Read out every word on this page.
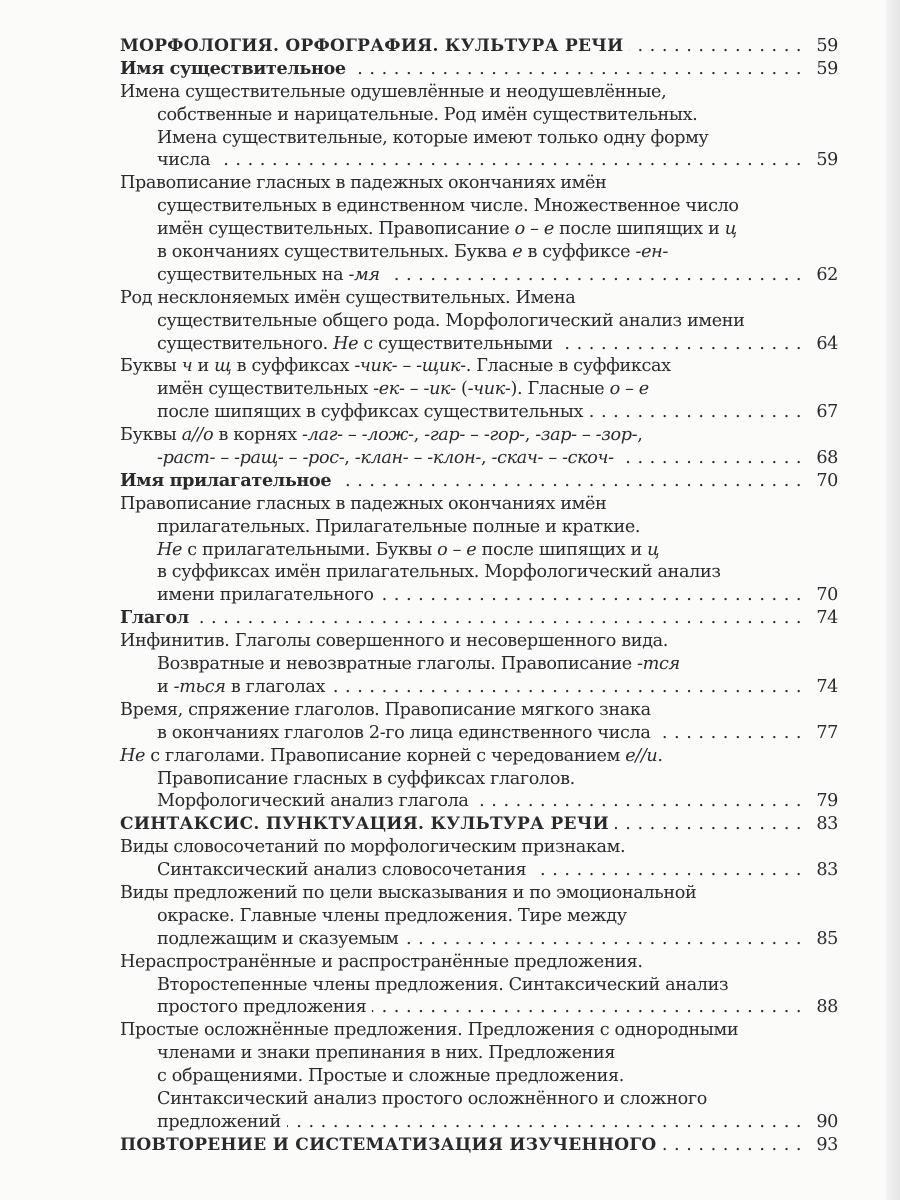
МОРФОЛОГИЯ. ОРФОГРАФИЯ. КУЛЬТУРА РЕЧИ . . .	59
Имя существительное . . .	59
Имена существительные одушевлённые и неодушевлённые,
собственные и нарицательные. Род имён существительных.
Имена существительные, которые имеют только одну форму
числа . . .	59
Правописание гласных в падежных окончаниях имён
существительных в единственном числе. Множественное число
имён существительных. Правописание о – е после шипящих и ц
в окончаниях существительных. Буква е в суффиксе -ен-
существительных на -мя . . .	62
Род несклоняемых имён существительных. Имена
существительные общего рода. Морфологический анализ имени
существительного. Не с существительными . . .	64
Буквы ч и щ в суффиксах -чик- – -щик-. Гласные в суффиксах
имён существительных -ек- – -ик- (-чик-). Гласные о – е
после шипящих в суффиксах существительных . . .	67
Буквы а//о в корнях -лаг- – -лож-, -гар- – -гор-, -зар- – -зор-,
-раст- – -ращ- – -рос-, -клан- – -клон-, -скач- – -скоч- . . .	68
Имя прилагательное . . .	70
Правописание гласных в падежных окончаниях имён
прилагательных. Прилагательные полные и краткие.
Не с прилагательными. Буквы о – е после шипящих и ц
в суффиксах имён прилагательных. Морфологический анализ
имени прилагательного . . .	70
Глагол . . .	74
Инфинитив. Глаголы совершенного и несовершенного вида.
Возвратные и невозвратные глаголы. Правописание -тся
и -ться в глаголах . . .	74
Время, спряжение глаголов. Правописание мягкого знака
в окончаниях глаголов 2-го лица единственного числа . . .	77
Не с глаголами. Правописание корней с чередованием е//и.
Правописание гласных в суффиксах глаголов.
Морфологический анализ глагола . . .	79
СИНТАКСИС. ПУНКТУАЦИЯ. КУЛЬТУРА РЕЧИ . . .	83
Виды словосочетаний по морфологическим признакам.
Синтаксический анализ словосочетания . . .	83
Виды предложений по цели высказывания и по эмоциональной
окраске. Главные члены предложения. Тире между
подлежащим и сказуемым . . .	85
Нераспространённые и распространённые предложения.
Второстепенные члены предложения. Синтаксический анализ
простого предложения . . .	88
Простые осложнённые предложения. Предложения с однородными
членами и знаки препинания в них. Предложения
с обращениями. Простые и сложные предложения.
Синтаксический анализ простого осложнённого и сложного
предложений . . .	90
ПОВТОРЕНИЕ И СИСТЕМАТИЗАЦИЯ ИЗУЧЕННОГО . . .	93
